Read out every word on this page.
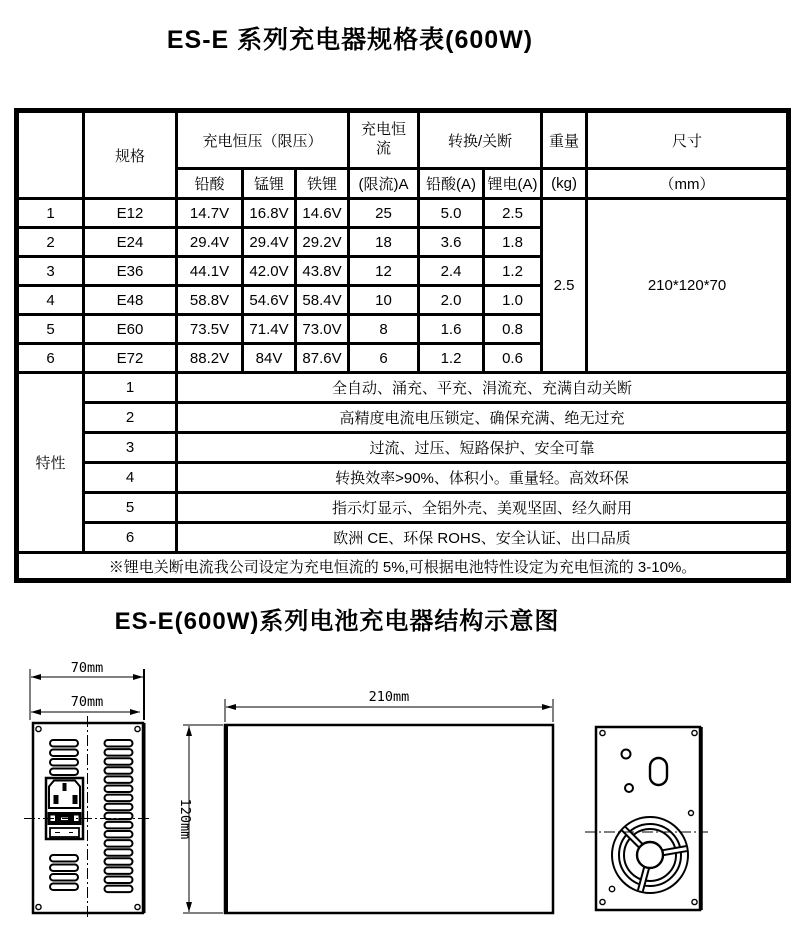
ES-E 系列充电器规格表(600W)
	规格	充电恒压（限压）			充电恒流	转换/关断		重量	尺寸
		铅酸	锰锂	铁锂	(限流)A	铅酸(A)	锂电(A)	(kg)	（mm）
1	E12	14.7V	16.8V	14.6V	25	5.0	2.5	2.5	210*120*70
2	E24	29.4V	29.4V	29.2V	18	3.6	1.8		
3	E36	44.1V	42.0V	43.8V	12	2.4	1.2		
4	E48	58.8V	54.6V	58.4V	10	2.0	1.0		
5	E60	73.5V	71.4V	73.0V	8	1.6	0.8		
6	E72	88.2V	84V	87.6V	6	1.2	0.6		
特性	1	全自动、涌充、平充、涓流充、充满自动关断							
	2	高精度电流电压锁定、确保充满、绝无过充							
	3	过流、过压、短路保护、安全可靠							
	4	转换效率>90%、体积小。重量轻。高效环保							
	5	指示灯显示、全铝外壳、美观坚固、经久耐用							
	6	欧洲 CE、环保 ROHS、安全认证、出口品质							
※锂电关断电流我公司设定为充电恒流的 5%,可根据电池特性设定为充电恒流的 3-10%。									
ES-E(600W)系列电池充电器结构示意图
70mm
70mm	210mm
120mm
